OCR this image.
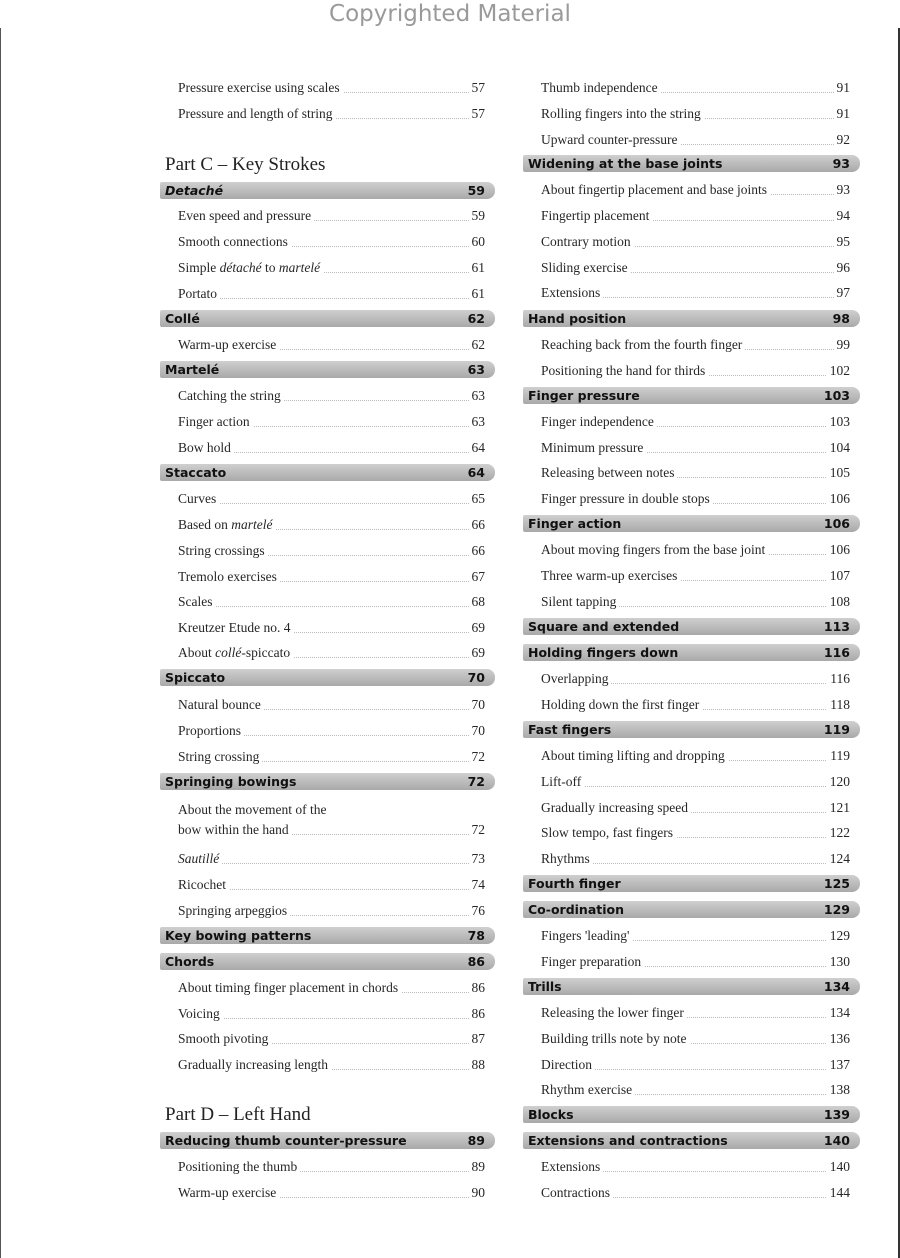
Copyrighted Material
Pressure exercise using scales	57
Pressure and length of string	57
Part C – Key Strokes
Detaché	59
Even speed and pressure	59
Smooth connections	60
Simple détaché to martelé	61
Portato	61
Collé	62
Warm-up exercise	62
Martelé	63
Catching the string	63
Finger action	63
Bow hold	64
Staccato	64
Curves	65
Based on martelé	66
String crossings	66
Tremolo exercises	67
Scales	68
Kreutzer Etude no. 4	69
About collé-spiccato	69
Spiccato	70
Natural bounce	70
Proportions	70
String crossing	72
Springing bowings	72
About the movement of the
bow within the hand	72
Sautillé	73
Ricochet	74
Springing arpeggios	76
Key bowing patterns	78
Chords	86
About timing finger placement in chords	86
Voicing	86
Smooth pivoting	87
Gradually increasing length	88
Part D – Left Hand
Reducing thumb counter-pressure	89
Positioning the thumb	89
Warm-up exercise	90
Thumb independence	91
Rolling fingers into the string	91
Upward counter-pressure	92
Widening at the base joints	93
About fingertip placement and base joints	93
Fingertip placement	94
Contrary motion	95
Sliding exercise	96
Extensions	97
Hand position	98
Reaching back from the fourth finger	99
Positioning the hand for thirds	102
Finger pressure	103
Finger independence	103
Minimum pressure	104
Releasing between notes	105
Finger pressure in double stops	106
Finger action	106
About moving fingers from the base joint	106
Three warm-up exercises	107
Silent tapping	108
Square and extended	113
Holding fingers down	116
Overlapping	116
Holding down the first finger	118
Fast fingers	119
About timing lifting and dropping	119
Lift-off	120
Gradually increasing speed	121
Slow tempo, fast fingers	122
Rhythms	124
Fourth finger	125
Co-ordination	129
Fingers 'leading'	129
Finger preparation	130
Trills	134
Releasing the lower finger	134
Building trills note by note	136
Direction	137
Rhythm exercise	138
Blocks	139
Extensions and contractions	140
Extensions	140
Contractions	144
